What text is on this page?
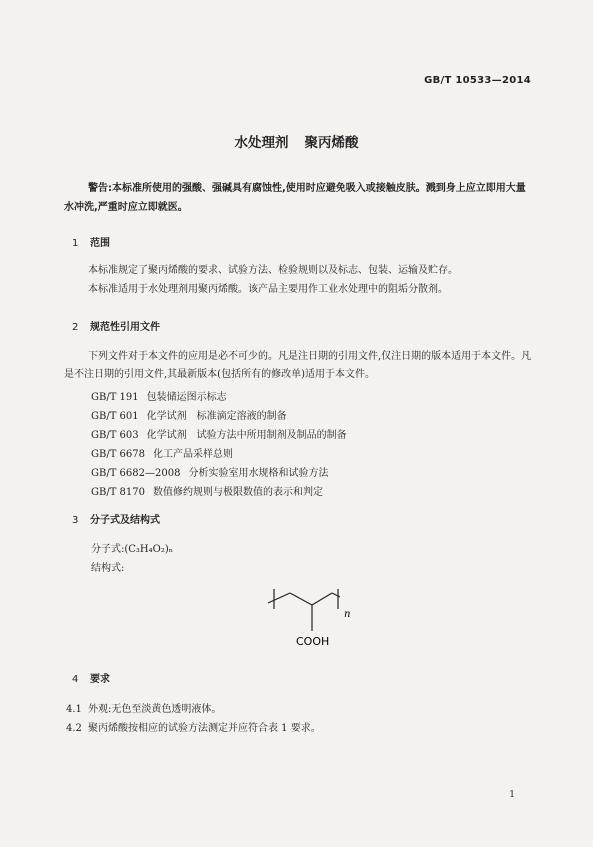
GB/T 10533—2014
水处理剂 聚丙烯酸

警告:本标准所使用的强酸、强碱具有腐蚀性,使用时应避免吸入或接触皮肤。溅到身上应立即用大量水冲洗,严重时应立即就医。

1 范围

本标准规定了聚丙烯酸的要求、试验方法、检验规则以及标志、包装、运输及贮存。

本标准适用于水处理剂用聚丙烯酸。该产品主要用作工业水处理中的阻垢分散剂。

2 规范性引用文件

下列文件对于本文件的应用是必不可少的。凡是注日期的引用文件,仅注日期的版本适用于本文件。凡是不注日期的引用文件,其最新版本(包括所有的修改单)适用于本文件。

GB/T 191 包装储运图示标志
GB/T 601 化学试剂　标准滴定溶液的制备
GB/T 603 化学试剂　试验方法中所用制剂及制品的制备
GB/T 6678 化工产品采样总则
GB/T 6682—2008 分析实验室用水规格和试验方法
GB/T 8170 数值修约规则与极限数值的表示和判定
3 分子式及结构式
分子式:(C₃H₄O₂)ₙ
结构式:
n
COOH
4 要求
4.1 外观:无色至淡黄色透明液体。
4.2 聚丙烯酸按相应的试验方法测定并应符合表 1 要求。
1
